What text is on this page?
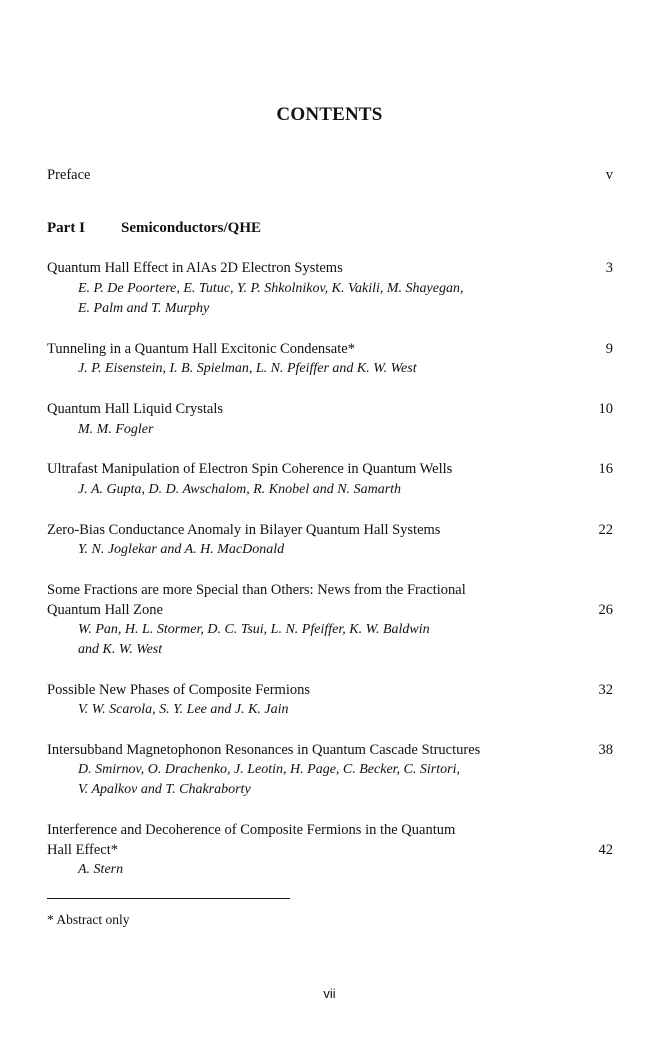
CONTENTS
Preface	v
Part I Semiconductors/QHE
Quantum Hall Effect in AlAs 2D Electron Systems	3
E. P. De Poortere, E. Tutuc, Y. P. Shkolnikov, K. Vakili, M. Shayegan,
E. Palm and T. Murphy
Tunneling in a Quantum Hall Excitonic Condensate*	9
J. P. Eisenstein, I. B. Spielman, L. N. Pfeiffer and K. W. West
Quantum Hall Liquid Crystals	10
M. M. Fogler
Ultrafast Manipulation of Electron Spin Coherence in Quantum Wells	16
J. A. Gupta, D. D. Awschalom, R. Knobel and N. Samarth
Zero-Bias Conductance Anomaly in Bilayer Quantum Hall Systems	22
Y. N. Joglekar and A. H. MacDonald
Some Fractions are more Special than Others: News from the Fractional
Quantum Hall Zone	26
W. Pan, H. L. Stormer, D. C. Tsui, L. N. Pfeiffer, K. W. Baldwin
and K. W. West
Possible New Phases of Composite Fermions	32
V. W. Scarola, S. Y. Lee and J. K. Jain
Intersubband Magnetophonon Resonances in Quantum Cascade Structures	38
D. Smirnov, O. Drachenko, J. Leotin, H. Page, C. Becker, C. Sirtori,
V. Apalkov and T. Chakraborty
Interference and Decoherence of Composite Fermions in the Quantum
Hall Effect*	42
A. Stern
* Abstract only
vii
